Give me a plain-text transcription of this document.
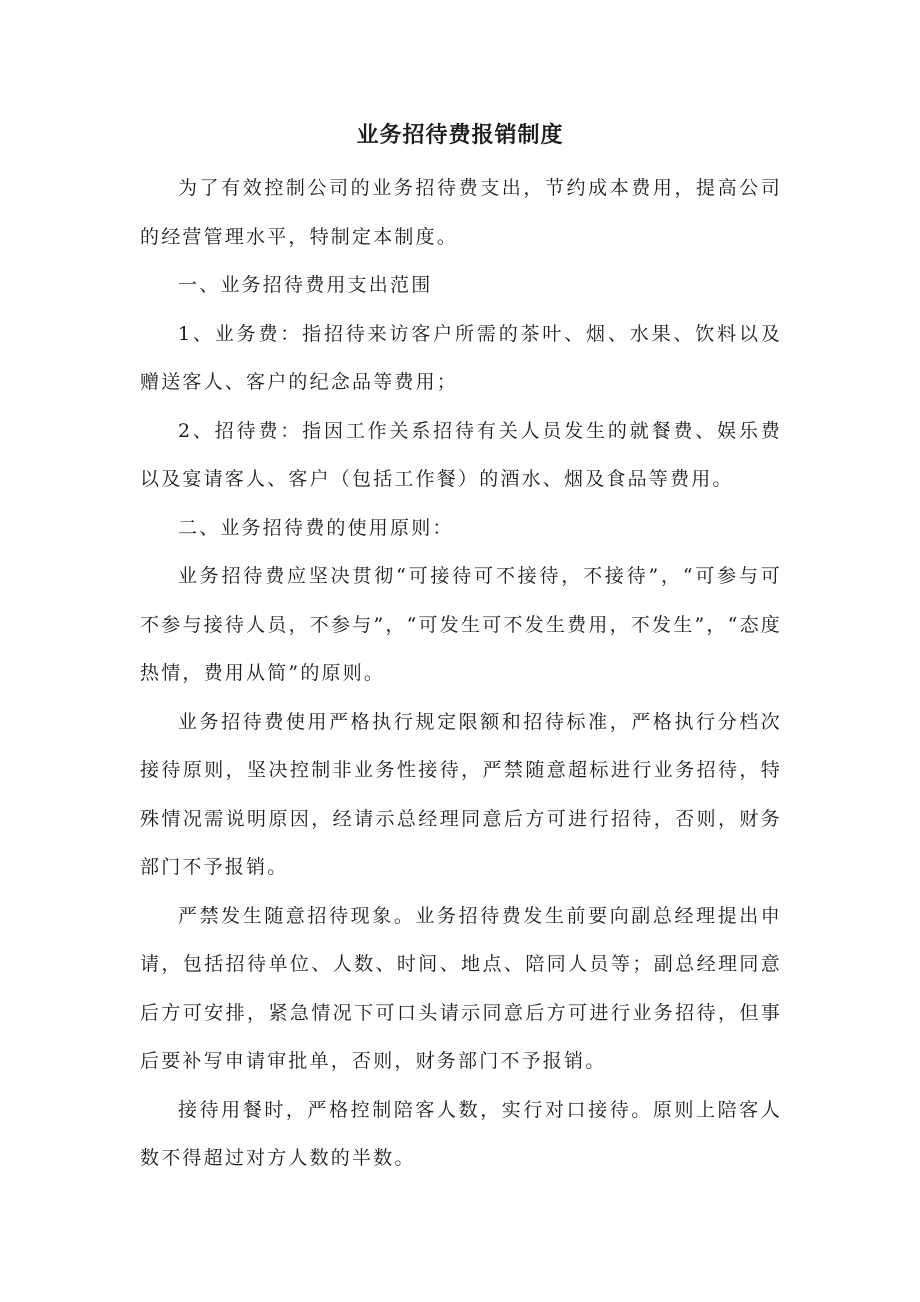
业务招待费报销制度

为了有效控制公司的业务招待费支出，节约成本费用，提高公司的经营管理水平，特制定本制度。

一、业务招待费用支出范围

1、业务费：指招待来访客户所需的茶叶、烟、水果、饮料以及赠送客人、客户的纪念品等费用；

2、招待费：指因工作关系招待有关人员发生的就餐费、娱乐费以及宴请客人、客户（包括工作餐）的酒水、烟及食品等费用。

二、业务招待费的使用原则：

业务招待费应坚决贯彻“可接待可不接待，不接待”，“可参与可不参与接待人员，不参与”，“可发生可不发生费用，不发生”，“态度热情，费用从简”的原则。

业务招待费使用严格执行规定限额和招待标准，严格执行分档次接待原则，坚决控制非业务性接待，严禁随意超标进行业务招待，特殊情况需说明原因，经请示总经理同意后方可进行招待，否则，财务部门不予报销。

严禁发生随意招待现象。业务招待费发生前要向副总经理提出申请，包括招待单位、人数、时间、地点、陪同人员等；副总经理同意后方可安排，紧急情况下可口头请示同意后方可进行业务招待，但事后要补写申请审批单，否则，财务部门不予报销。

接待用餐时，严格控制陪客人数，实行对口接待。原则上陪客人数不得超过对方人数的半数。
